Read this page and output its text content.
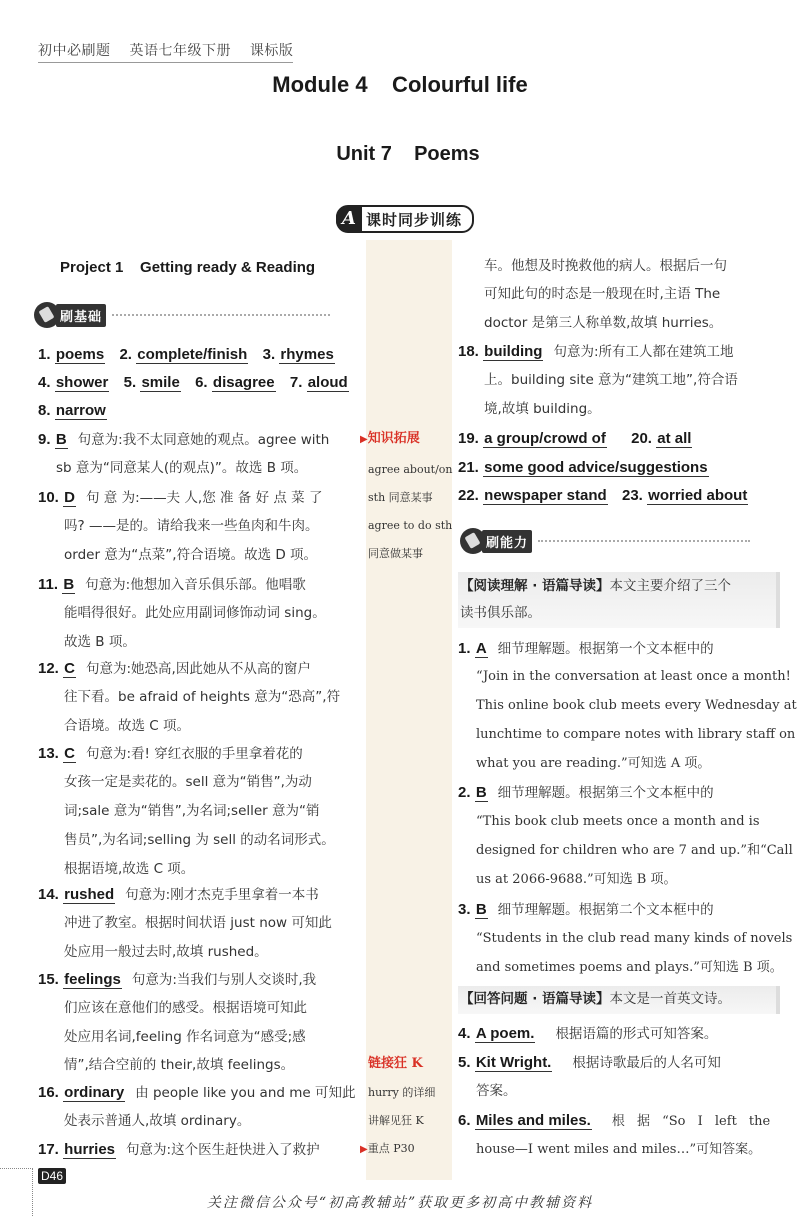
初中必刷题 英语七年级下册 课标版
Module 4    Colourful life
Unit 7    Poems
A 课时同步训练
Project 1    Getting ready & Reading
刷基础
1. poems 2. complete/finish 3. rhymes
4. shower 5. smile 6. disagree 7. aloud
8. narrow
9. B 句意为:我不太同意她的观点。agree with
sb 意为“同意某人(的观点)”。故选 B 项。
10. D 句 意 为:——夫 人,您 准 备 好 点 菜 了
吗? ——是的。请给我来一些鱼肉和牛肉。
order 意为“点菜”,符合语境。故选 D 项。
11. B 句意为:他想加入音乐俱乐部。他唱歌
能唱得很好。此处应用副词修饰动词 sing。
故选 B 项。
12. C 句意为:她恐高,因此她从不从高的窗户
往下看。be afraid of heights 意为“恐高”,符
合语境。故选 C 项。
13. C 句意为:看! 穿红衣服的手里拿着花的
女孩一定是卖花的。sell 意为“销售”,为动
词;sale 意为“销售”,为名词;seller 意为“销
售员”,为名词;selling 为 sell 的动名词形式。
根据语境,故选 C 项。
14. rushed 句意为:刚才杰克手里拿着一本书
冲进了教室。根据时间状语 just now 可知此
处应用一般过去时,故填 rushed。
15. feelings 句意为:当我们与别人交谈时,我
们应该在意他们的感受。根据语境可知此
处应用名词,feeling 作名词意为“感受;感
情”,结合空前的 their,故填 feelings。
16. ordinary 由 people like you and me 可知此
处表示普通人,故填 ordinary。
17. hurries 句意为:这个医生赶快进入了救护
▶知识拓展
agree about/on
sth 同意某事
agree to do sth
同意做某事
链接狂 K
hurry 的详细
讲解见狂 K
▶重点 P30
车。他想及时挽救他的病人。根据后一句
可知此句的时态是一般现在时,主语 The
doctor 是第三人称单数,故填 hurries。
18. building 句意为:所有工人都在建筑工地
上。building site 意为“建筑工地”,符合语
境,故填 building。
19. a group/crowd of 20. at all
21. some good advice/suggestions
22. newspaper stand 23. worried about
刷能力
【阅读理解 · 语篇导读】本文主要介绍了三个
读书俱乐部。
1. A 细节理解题。根据第一个文本框中的
“Join in the conversation at least once a month!
This online book club meets every Wednesday at
lunchtime to compare notes with library staff on
what you are reading.”可知选 A 项。
2. B 细节理解题。根据第三个文本框中的
“This book club meets once a month and is
designed for children who are 7 and up.”和“Call
us at 2066-9688.”可知选 B 项。
3. B 细节理解题。根据第二个文本框中的
“Students in the club read many kinds of novels
and sometimes poems and plays.”可知选 B 项。
【回答问题 · 语篇导读】本文是一首英文诗。
4. A poem. 根据语篇的形式可知答案。
5. Kit Wright. 根据诗歌最后的人名可知
答案。
6. Miles and miles. 根 据 “So I left the
house—I went miles and miles…”可知答案。
D46
关注微信公众号“初高教辅站”获取更多初高中教辅资料
